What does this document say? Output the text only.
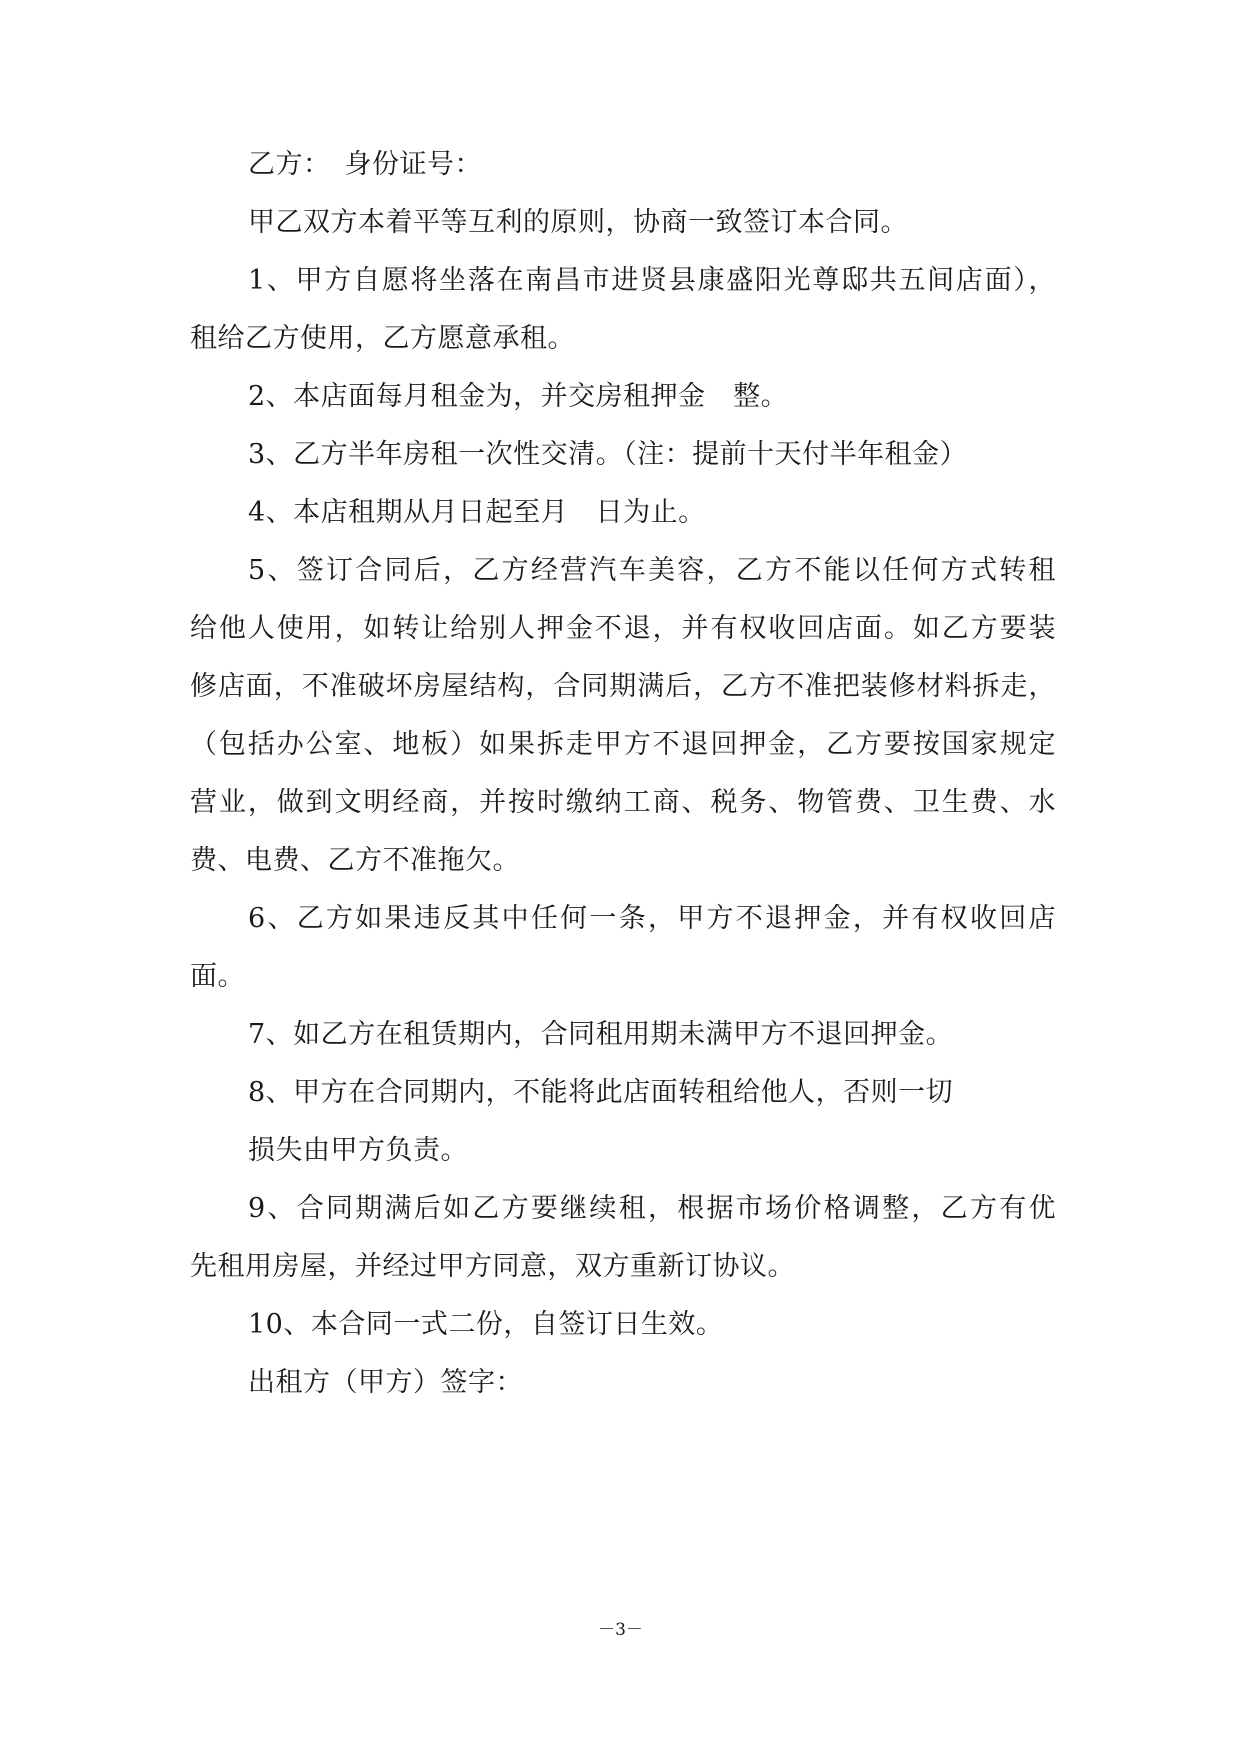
乙方：　身份证号：
甲乙双方本着平等互利的原则，协商一致签订本合同。
1、甲方自愿将坐落在南昌市进贤县康盛阳光尊邸共五间店面），
租给乙方使用，乙方愿意承租。
2、本店面每月租金为，并交房租押金　整。
3、乙方半年房租一次性交清。（注：提前十天付半年租金）
4、本店租期从月日起至月　日为止。
5、签订合同后，乙方经营汽车美容，乙方不能以任何方式转租
给他人使用，如转让给别人押金不退，并有权收回店面。如乙方要装
修店面，不准破坏房屋结构，合同期满后，乙方不准把装修材料拆走，
（包括办公室、地板）如果拆走甲方不退回押金，乙方要按国家规定
营业，做到文明经商，并按时缴纳工商、税务、物管费、卫生费、水
费、电费、乙方不准拖欠。
6、乙方如果违反其中任何一条，甲方不退押金，并有权收回店
面。
7、如乙方在租赁期内，合同租用期未满甲方不退回押金。
8、甲方在合同期内，不能将此店面转租给他人，否则一切
损失由甲方负责。
9、合同期满后如乙方要继续租，根据市场价格调整，乙方有优
先租用房屋，并经过甲方同意，双方重新订协议。
10、本合同一式二份，自签订日生效。
出租方（甲方）签字：
－3－
